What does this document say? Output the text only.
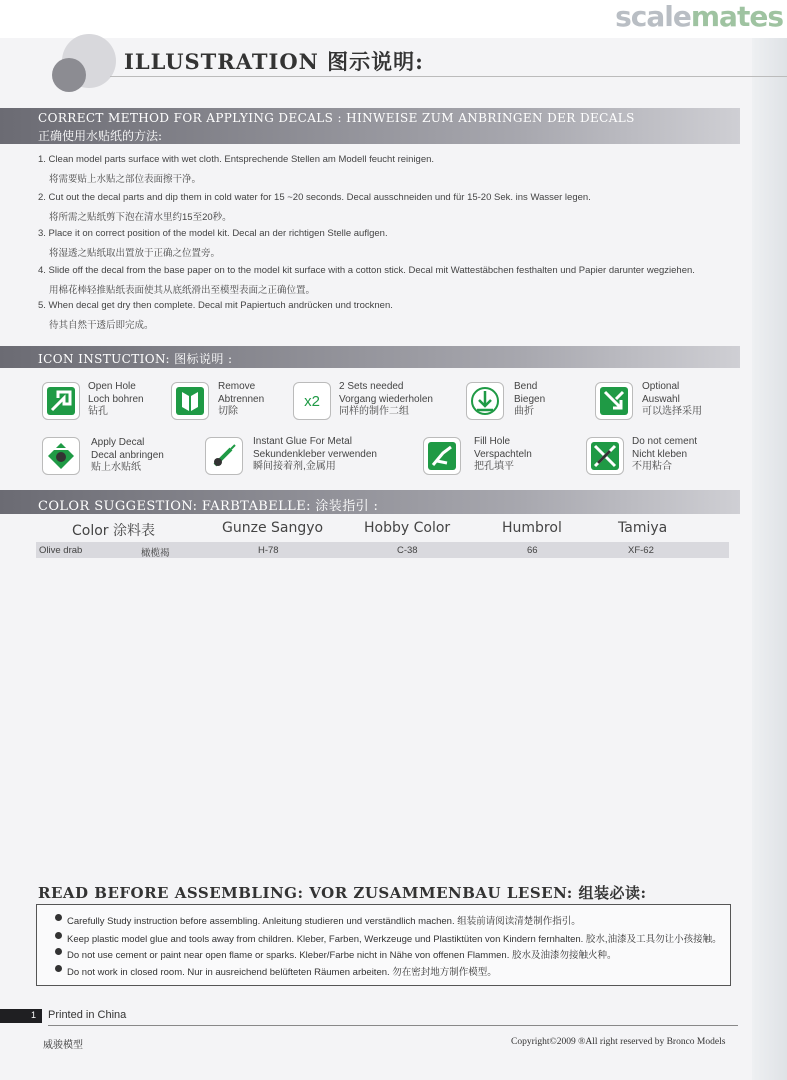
scalemates
ILLUSTRATION 图示说明:
CORRECT METHOD FOR APPLYING DECALS : HINWEISE ZUM ANBRINGEN DER DECALS
正确使用水贴纸的方法:
1. Clean model parts surface with wet cloth. Entsprechende Stellen am Modell feucht reinigen.
将需要贴上水贴之部位表面擦干净。
2. Cut out the decal parts and dip them in cold water for 15 ~20 seconds. Decal ausschneiden und für 15-20 Sek. ins Wasser legen.
将所需之贴纸剪下泡在清水里约15至20秒。
3. Place it on correct position of the model kit. Decal an der richtigen Stelle auflgen.
将湿透之贴纸取出置放于正确之位置旁。
4. Slide off the decal from the base paper on to the model kit surface with a cotton stick. Decal mit Wattestäbchen festhalten und Papier darunter wegziehen.
用棉花棒轻推贴纸表面使其从底纸滑出至模型表面之正确位置。
5. When decal get dry then complete. Decal mit Papiertuch andrücken und trocknen.
待其自然干透后即完成。
ICON INSTUCTION: 图标说明 :
Open Hole
Loch bohren
钻孔
Remove
Abtrennen
切除
x2
2 Sets needed
Vorgang wiederholen
同样的制作二组
Bend
Biegen
曲折
Optional
Auswahl
可以选择采用
Apply Decal
Decal anbringen
贴上水贴纸
Instant Glue For Metal
Sekundenkleber verwenden
瞬间接着剂,金属用
Fill Hole
Verspachteln
把孔填平
Do not cement
Nicht kleben
不用粘合
COLOR SUGGESTION: FARBTABELLE: 涂装指引 :
Color 涂料表	Gunze Sangyo	Hobby Color	Humbrol	Tamiya
Olive drab	橄榄褐	H-78	C-38	66	XF-62
READ BEFORE ASSEMBLING: VOR ZUSAMMENBAU LESEN: 组装必读:
Carefully Study instruction before assembling. Anleitung studieren und verständlich machen. 组装前请阅读清楚制作指引。
Keep plastic model glue and tools away from children. Kleber, Farben, Werkzeuge und Plastiktüten von Kindern fernhalten. 胶水,油漆及工具勿让小孩接触。
Do not use cement or paint near open flame or sparks. Kleber/Farbe nicht in Nähe von offenen Flammen. 胶水及油漆勿接触火种。
Do not work in closed room. Nur in ausreichend belüfteten Räumen arbeiten. 勿在密封地方制作模型。
1 Printed in China
威骏模型	Copyright©2009 ®All right reserved by Bronco Models
